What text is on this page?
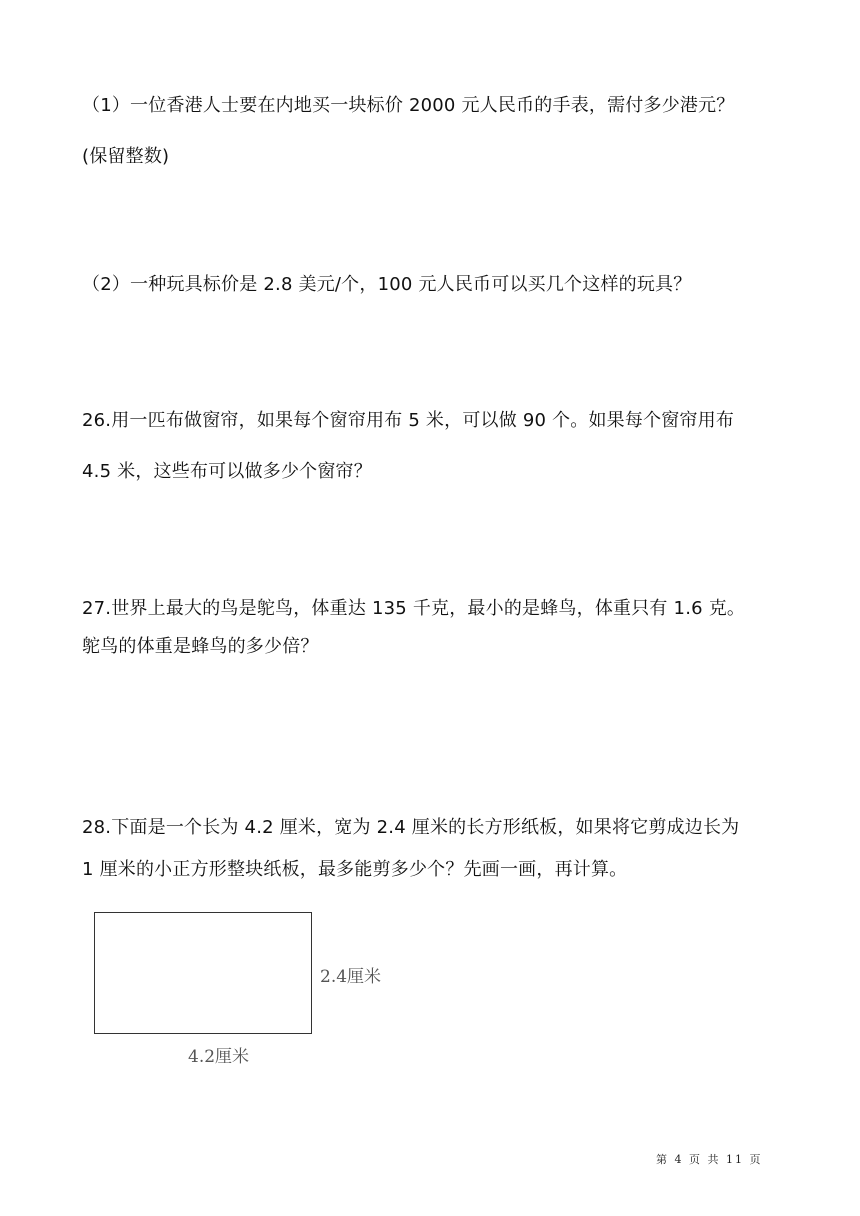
（1）一位香港人士要在内地买一块标价 2000 元人民币的手表，需付多少港元？
(保留整数)
（2）一种玩具标价是 2.8 美元/个，100 元人民币可以买几个这样的玩具？
26.用一匹布做窗帘，如果每个窗帘用布 5 米，可以做 90 个。如果每个窗帘用布
4.5 米，这些布可以做多少个窗帘？
27.世界上最大的鸟是鸵鸟，体重达 135 千克，最小的是蜂鸟，体重只有 1.6 克。
鸵鸟的体重是蜂鸟的多少倍？
28.下面是一个长为 4.2 厘米，宽为 2.4 厘米的长方形纸板，如果将它剪成边长为
1 厘米的小正方形整块纸板，最多能剪多少个？先画一画，再计算。
2.4厘米
4.2厘米
第 4 页 共 11 页
